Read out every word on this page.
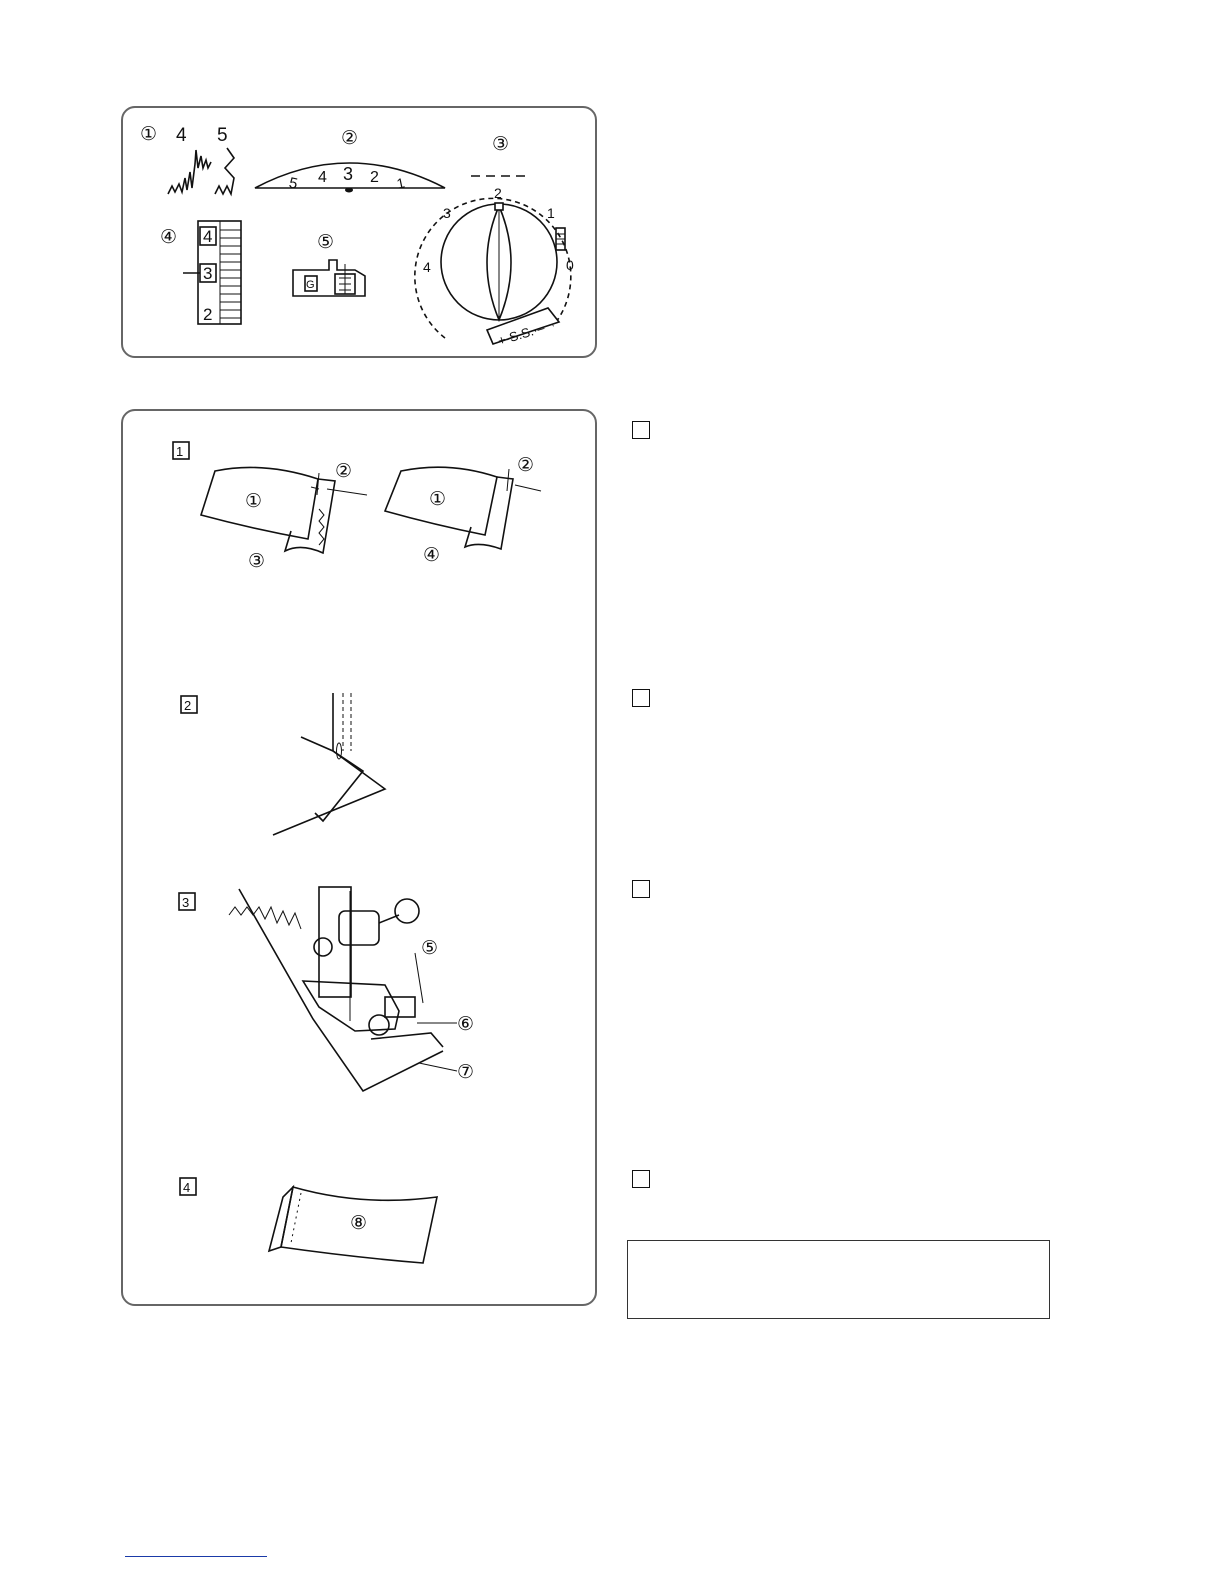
① 4 5	②
5 4 3 2 1
④ 4
3
2
⑤
G
③
4
3
2
1
0
+·S.S.·–
1
①
②
③
①
②
④
2
3
⑤
⑥
⑦
4
⑧
